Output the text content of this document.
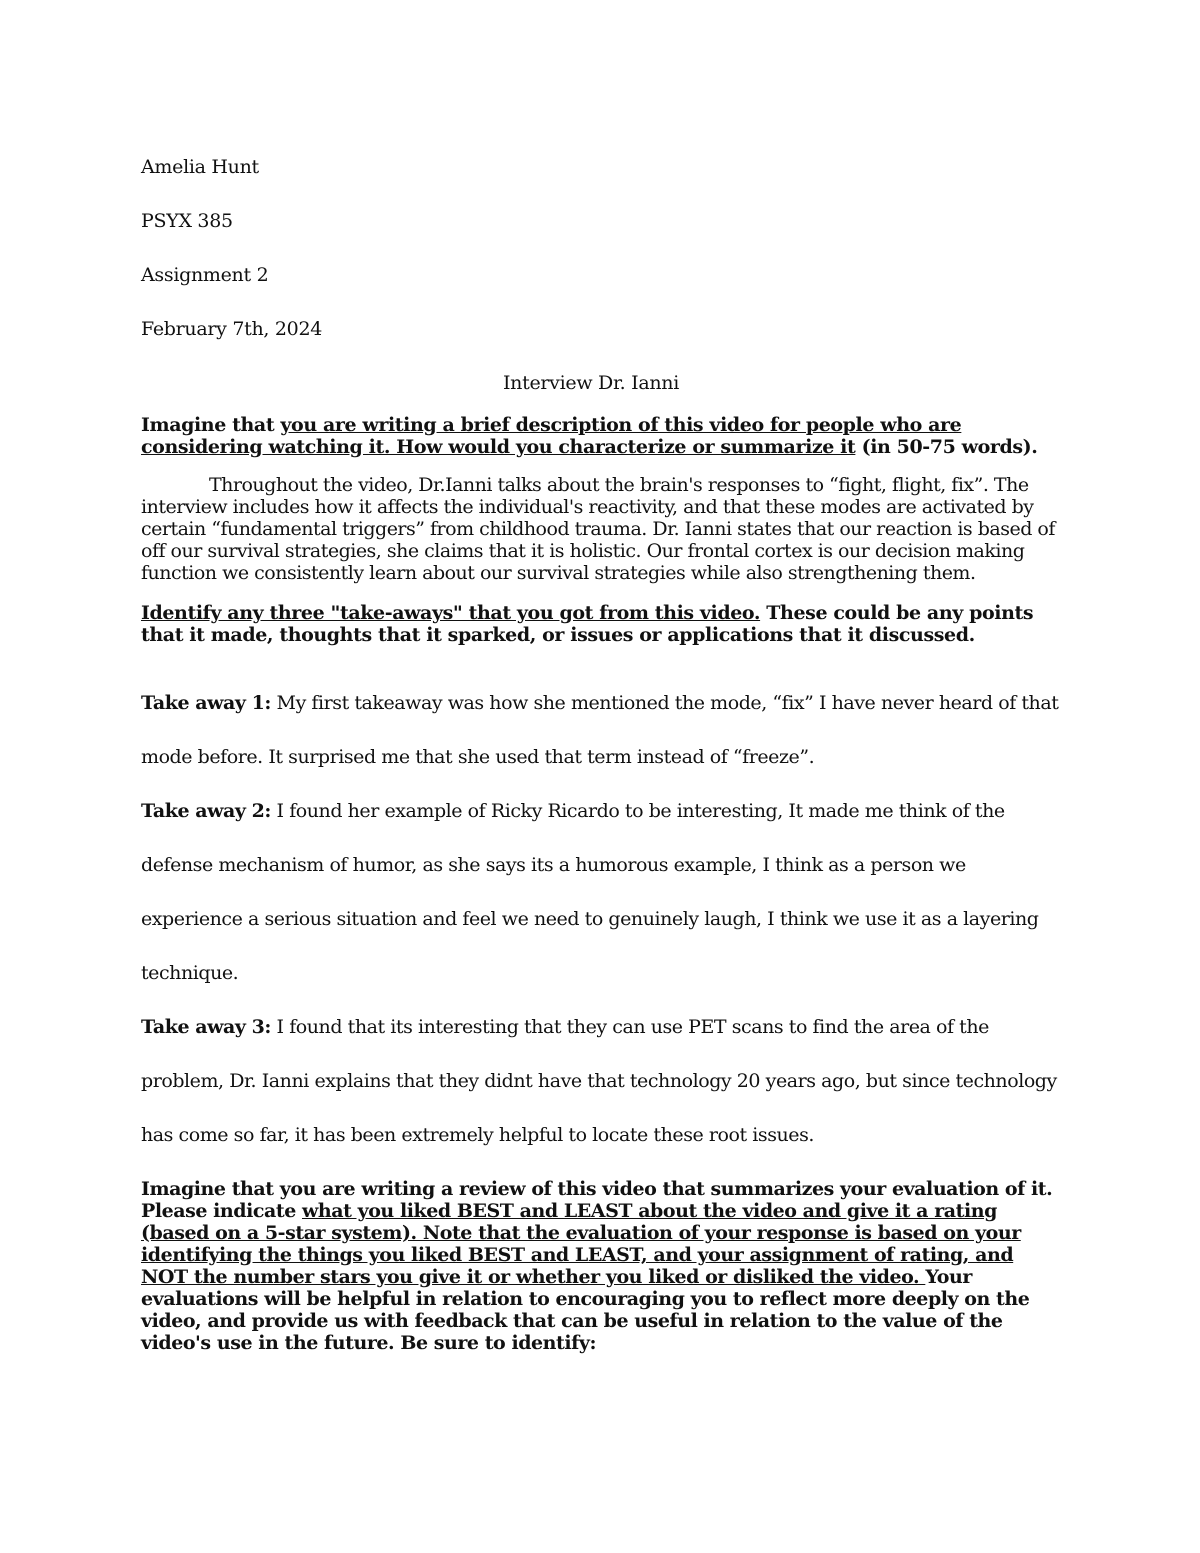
Amelia Hunt
PSYX 385
Assignment 2
February 7th, 2024
Interview Dr. Ianni
Imagine that you are writing a brief description of this video for people who are considering watching it. How would you characterize or summarize it (in 50-75 words).

Throughout the video, Dr.Ianni talks about the brain's responses to “fight, flight, fix”. The interview includes how it affects the individual's reactivity, and that these modes are activated by certain “fundamental triggers” from childhood trauma. Dr. Ianni states that our reaction is based of off our survival strategies, she claims that it is holistic. Our frontal cortex is our decision making function we consistently learn about our survival strategies while also strengthening them.

Identify any three "take-aways" that you got from this video. These could be any points that it made, thoughts that it sparked, or issues or applications that it discussed.

Take away 1: My first takeaway was how she mentioned the mode, “fix” I have never heard of that mode before. It surprised me that she used that term instead of “freeze”.

Take away 2: I found her example of Ricky Ricardo to be interesting, It made me think of the defense mechanism of humor, as she says its a humorous example, I think as a person we experience a serious situation and feel we need to genuinely laugh, I think we use it as a layering technique.

Take away 3: I found that its interesting that they can use PET scans to find the area of the problem, Dr. Ianni explains that they didnt have that technology 20 years ago, but since technology has come so far, it has been extremely helpful to locate these root issues.

Imagine that you are writing a review of this video that summarizes your evaluation of it. Please indicate what you liked BEST and LEAST about the video and give it a rating (based on a 5-star system). Note that the evaluation of your response is based on your identifying the things you liked BEST and LEAST, and your assignment of rating, and NOT the number stars you give it or whether you liked or disliked the video. Your evaluations will be helpful in relation to encouraging you to reflect more deeply on the video, and provide us with feedback that can be useful in relation to the value of the video's use in the future. Be sure to identify:
